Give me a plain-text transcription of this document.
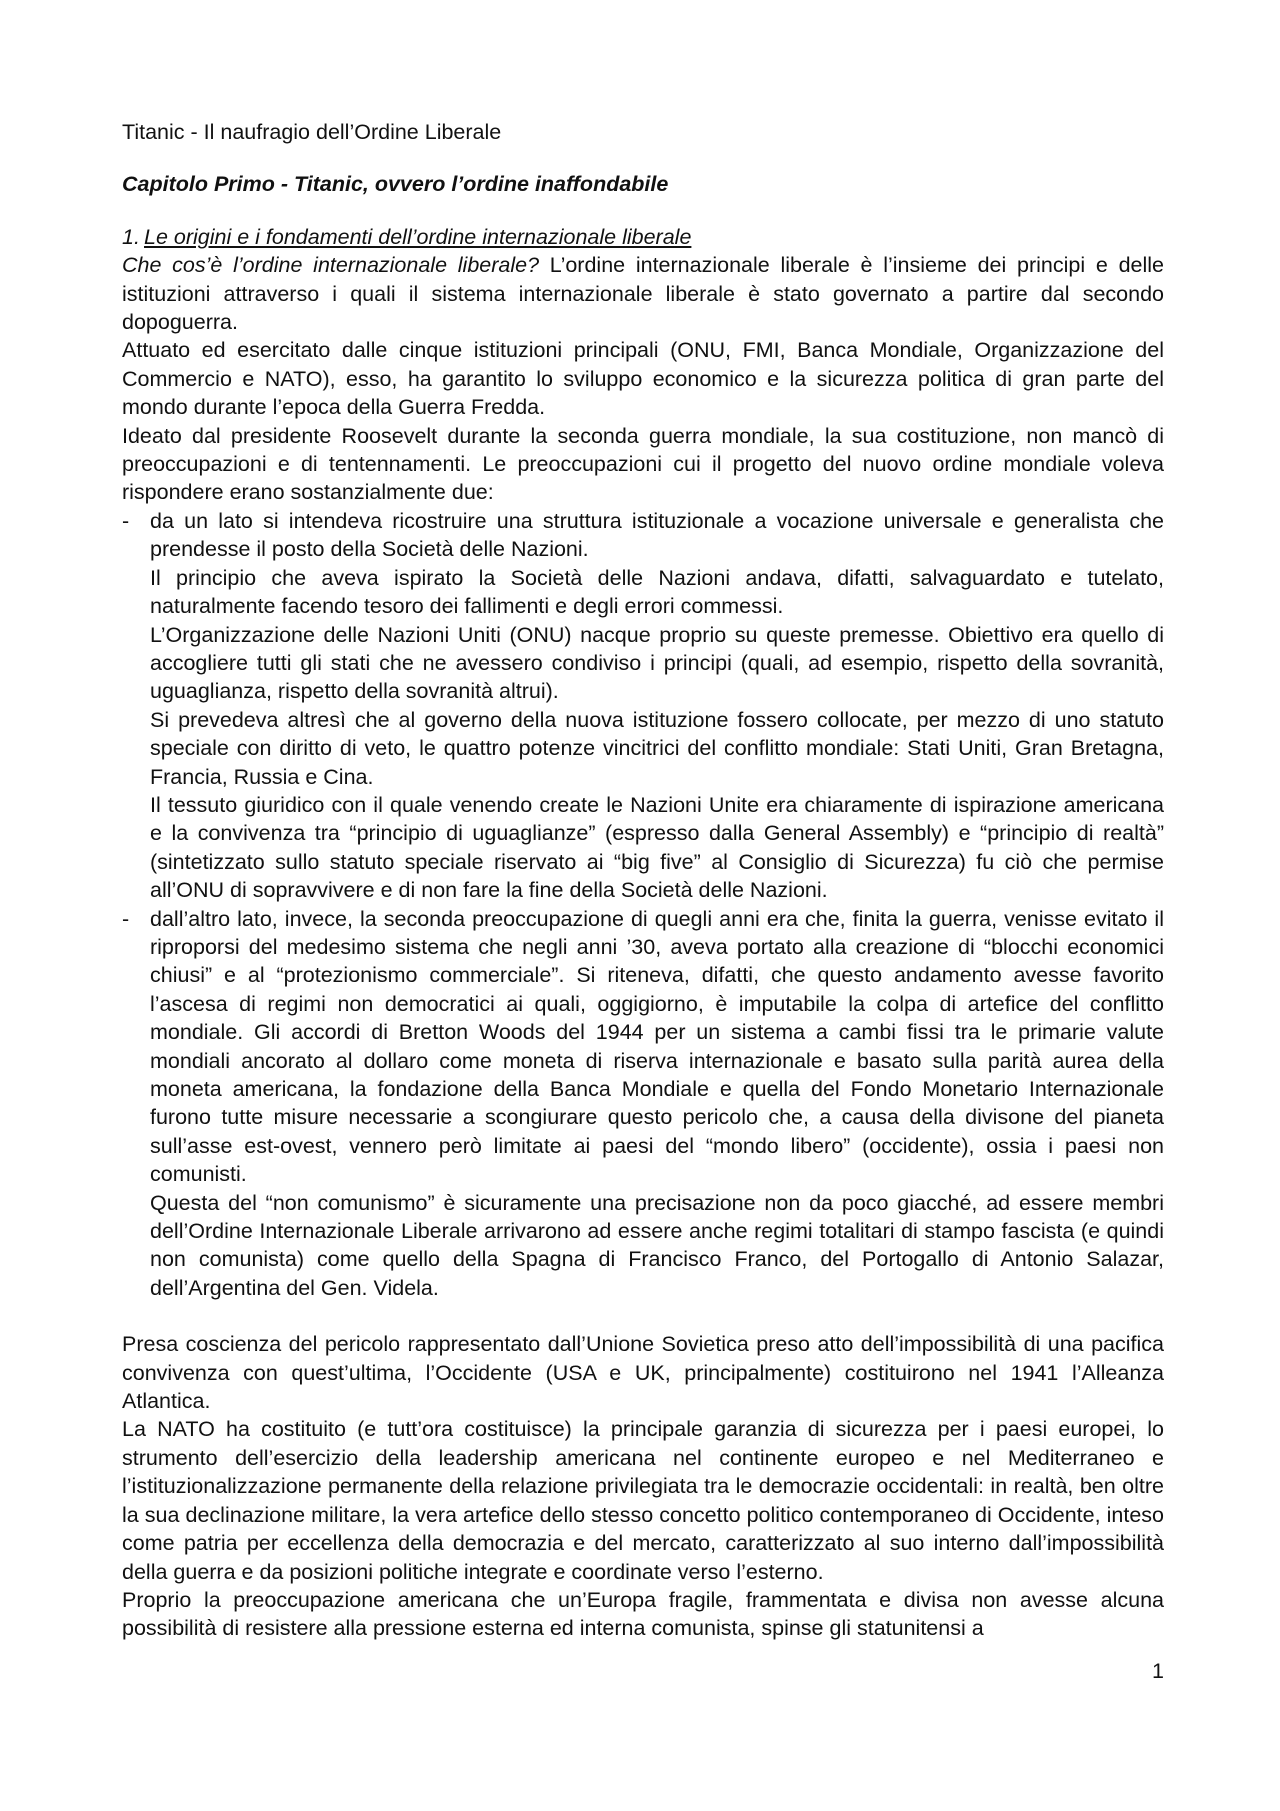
Titanic - Il naufragio dell’Ordine Liberale
Capitolo Primo - Titanic, ovvero l’ordine inaffondabile
1. Le origini e i fondamenti dell’ordine internazionale liberale

Che cos’è l’ordine internazionale liberale? L’ordine internazionale liberale è l’insieme dei principi e delle istituzioni attraverso i quali il sistema internazionale liberale è stato governato a partire dal secondo dopoguerra.

Attuato ed esercitato dalle cinque istituzioni principali (ONU, FMI, Banca Mondiale, Organizzazione del Commercio e NATO), esso, ha garantito lo sviluppo economico e la sicurezza politica di gran parte del mondo durante l’epoca della Guerra Fredda.

Ideato dal presidente Roosevelt durante la seconda guerra mondiale, la sua costituzione, non mancò di preoccupazioni e di tentennamenti. Le preoccupazioni cui il progetto del nuovo ordine mondiale voleva rispondere erano sostanzialmente due:

- da un lato si intendeva ricostruire una struttura istituzionale a vocazione universale e generalista che prendesse il posto della Società delle Nazioni.

Il principio che aveva ispirato la Società delle Nazioni andava, difatti, salvaguardato e tutelato, naturalmente facendo tesoro dei fallimenti e degli errori commessi.

L’Organizzazione delle Nazioni Uniti (ONU) nacque proprio su queste premesse. Obiettivo era quello di accogliere tutti gli stati che ne avessero condiviso i principi (quali, ad esempio, rispetto della sovranità, uguaglianza, rispetto della sovranità altrui).

Si prevedeva altresì che al governo della nuova istituzione fossero collocate, per mezzo di uno statuto speciale con diritto di veto, le quattro potenze vincitrici del conflitto mondiale: Stati Uniti, Gran Bretagna, Francia, Russia e Cina.

Il tessuto giuridico con il quale venendo create le Nazioni Unite era chiaramente di ispirazione americana e la convivenza tra “principio di uguaglianze” (espresso dalla General Assembly) e “principio di realtà” (sintetizzato sullo statuto speciale riservato ai “big five” al Consiglio di Sicurezza) fu ciò che permise all’ONU di sopravvivere e di non fare la fine della Società delle Nazioni.

- dall’altro lato, invece, la seconda preoccupazione di quegli anni era che, finita la guerra, venisse evitato il riproporsi del medesimo sistema che negli anni ’30, aveva portato alla creazione di “blocchi economici chiusi” e al “protezionismo commerciale”. Si riteneva, difatti, che questo andamento avesse favorito l’ascesa di regimi non democratici ai quali, oggigiorno, è imputabile la colpa di artefice del conflitto mondiale. Gli accordi di Bretton Woods del 1944 per un sistema a cambi fissi tra le primarie valute mondiali ancorato al dollaro come moneta di riserva internazionale e basato sulla parità aurea della moneta americana, la fondazione della Banca Mondiale e quella del Fondo Monetario Internazionale furono tutte misure necessarie a scongiurare questo pericolo che, a causa della divisone del pianeta sull’asse est-ovest, vennero però limitate ai paesi del “mondo libero” (occidente), ossia i paesi non comunisti.

Questa del “non comunismo” è sicuramente una precisazione non da poco giacché, ad essere membri dell’Ordine Internazionale Liberale arrivarono ad essere anche regimi totalitari di stampo fascista (e quindi non comunista) come quello della Spagna di Francisco Franco, del Portogallo di Antonio Salazar, dell’Argentina del Gen. Videla.

Presa coscienza del pericolo rappresentato dall’Unione Sovietica preso atto dell’impossibilità di una pacifica convivenza con quest’ultima, l’Occidente (USA e UK, principalmente) costituirono nel 1941 l’Alleanza Atlantica.

La NATO ha costituito (e tutt’ora costituisce) la principale garanzia di sicurezza per i paesi europei, lo strumento dell’esercizio della leadership americana nel continente europeo e nel Mediterraneo e l’istituzionalizzazione permanente della relazione privilegiata tra le democrazie occidentali: in realtà, ben oltre la sua declinazione militare, la vera artefice dello stesso concetto politico contemporaneo di Occidente, inteso come patria per eccellenza della democrazia e del mercato, caratterizzato al suo interno dall’impossibilità della guerra e da posizioni politiche integrate e coordinate verso l’esterno.

Proprio la preoccupazione americana che un’Europa fragile, frammentata e divisa non avesse alcuna possibilità di resistere alla pressione esterna ed interna comunista, spinse gli statunitensi a

1
